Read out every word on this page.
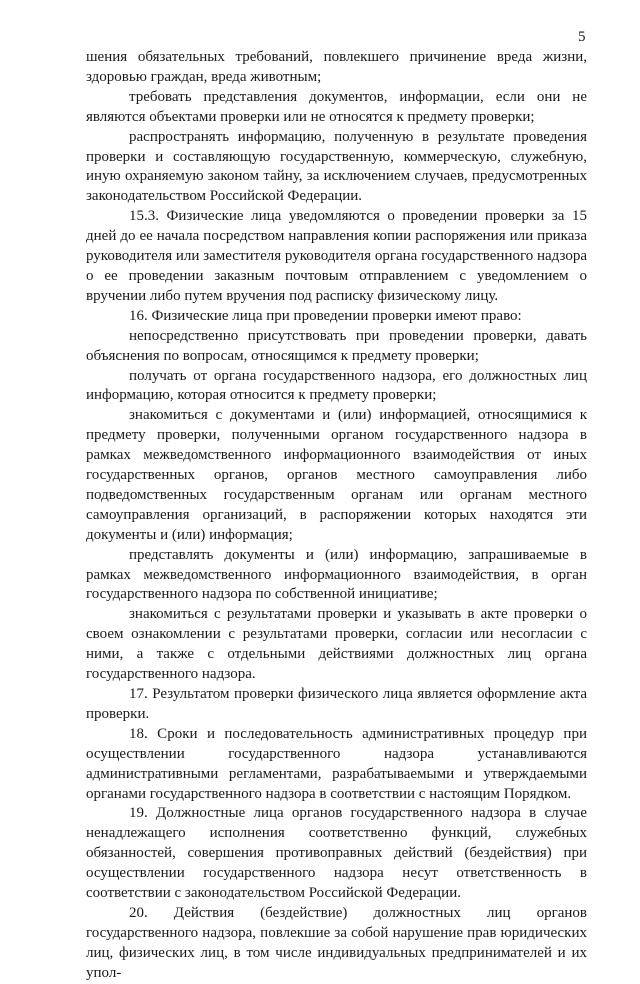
5

шения обязательных требований, повлекшего причинение вреда жизни, здоровью граждан, вреда животным;

требовать представления документов, информации, если они не являются объектами проверки или не относятся к предмету проверки;

распространять информацию, полученную в результате проведения проверки и составляющую государственную, коммерческую, служебную, иную охраняемую законом тайну, за исключением случаев, предусмотренных законодательством Российской Федерации.

15.3. Физические лица уведомляются о проведении проверки за 15 дней до ее начала посредством направления копии распоряжения или приказа руководителя или заместителя руководителя органа государственного надзора о ее проведении заказным почтовым отправлением с уведомлением о вручении либо путем вручения под расписку физическому лицу.

16. Физические лица при проведении проверки имеют право:

непосредственно присутствовать при проведении проверки, давать объяснения по вопросам, относящимся к предмету проверки;

получать от органа государственного надзора, его должностных лиц информацию, которая относится к предмету проверки;

знакомиться с документами и (или) информацией, относящимися к предмету проверки, полученными органом государственного надзора в рамках межведомственного информационного взаимодействия от иных государственных органов, органов местного самоуправления либо подведомственных государственным органам или органам местного самоуправления организаций, в распоряжении которых находятся эти документы и (или) информация;

представлять документы и (или) информацию, запрашиваемые в рамках межведомственного информационного взаимодействия, в орган государственного надзора по собственной инициативе;

знакомиться с результатами проверки и указывать в акте проверки о своем ознакомлении с результатами проверки, согласии или несогласии с ними, а также с отдельными действиями должностных лиц органа государственного надзора.

17. Результатом проверки физического лица является оформление акта проверки.

18. Сроки и последовательность административных процедур при осуществлении государственного надзора устанавливаются административными регламентами, разрабатываемыми и утверждаемыми органами государственного надзора в соответствии с настоящим Порядком.

19. Должностные лица органов государственного надзора в случае ненадлежащего исполнения соответственно функций, служебных обязанностей, совершения противоправных действий (бездействия) при осуществлении государственного надзора несут ответственность в соответствии с законодательством Российской Федерации.

20. Действия (бездействие) должностных лиц органов государственного надзора, повлекшие за собой нарушение прав юридических лиц, физических лиц, в том числе индивидуальных предпринимателей и их упол-
